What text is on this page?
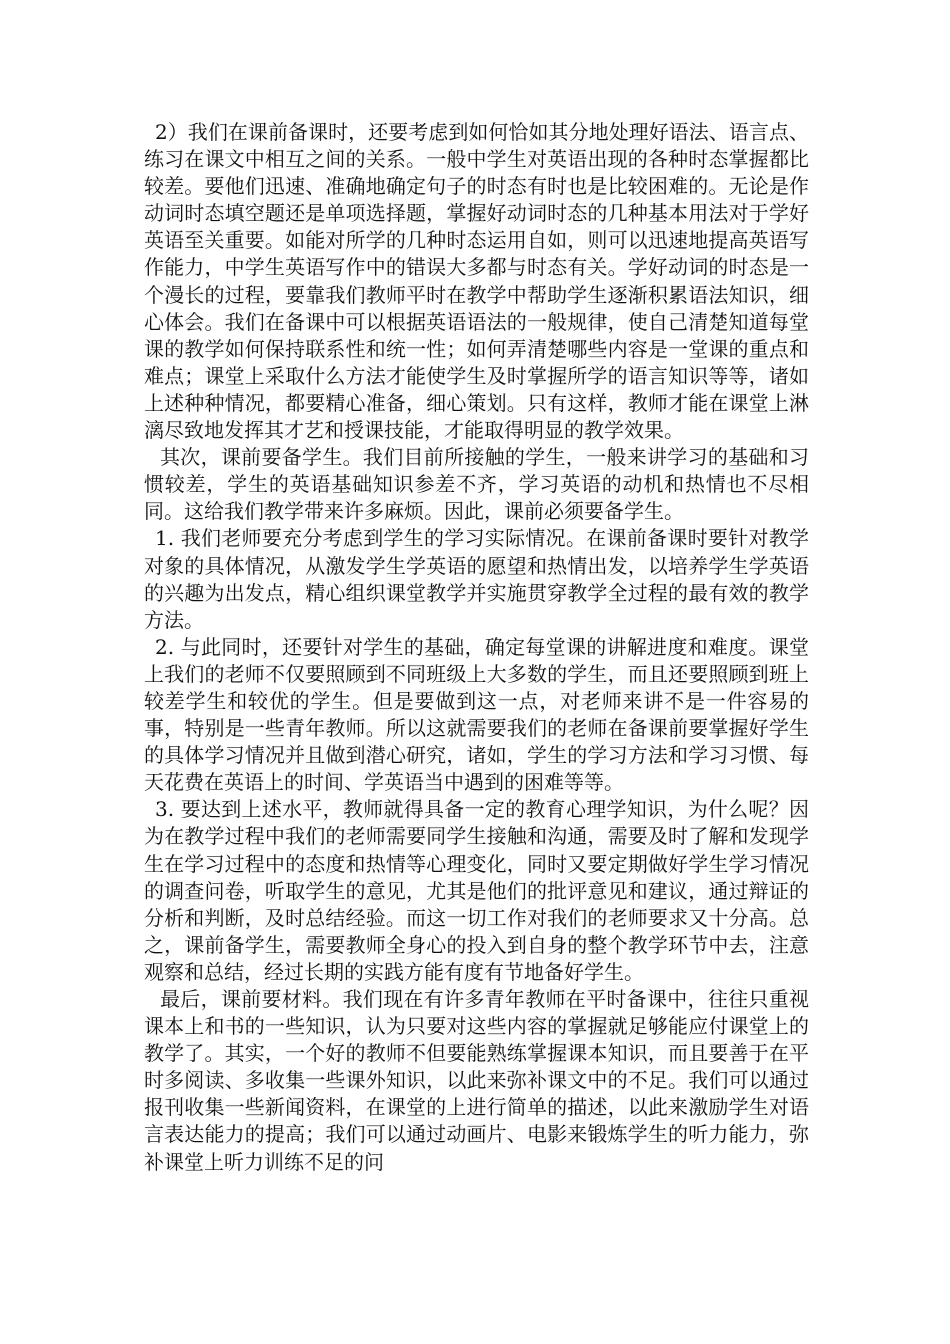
2）我们在课前备课时，还要考虑到如何恰如其分地处理好语法、语言点、练习在课文中相互之间的关系。一般中学生对英语出现的各种时态掌握都比较差。要他们迅速、准确地确定句子的时态有时也是比较困难的。无论是作动词时态填空题还是单项选择题，掌握好动词时态的几种基本用法对于学好英语至关重要。如能对所学的几种时态运用自如，则可以迅速地提高英语写作能力，中学生英语写作中的错误大多都与时态有关。学好动词的时态是一个漫长的过程，要靠我们教师平时在教学中帮助学生逐渐积累语法知识，细心体会。我们在备课中可以根据英语语法的一般规律，使自己清楚知道每堂课的教学如何保持联系性和统一性；如何弄清楚哪些内容是一堂课的重点和难点；课堂上采取什么方法才能使学生及时掌握所学的语言知识等等，诸如上述种种情况，都要精心准备，细心策划。只有这样，教师才能在课堂上淋漓尽致地发挥其才艺和授课技能，才能取得明显的教学效果。

其次，课前要备学生。我们目前所接触的学生，一般来讲学习的基础和习惯较差，学生的英语基础知识参差不齐，学习英语的动机和热情也不尽相同。这给我们教学带来许多麻烦。因此，课前必须要备学生。

1. 我们老师要充分考虑到学生的学习实际情况。在课前备课时要针对教学对象的具体情况，从激发学生学英语的愿望和热情出发，以培养学生学英语的兴趣为出发点，精心组织课堂教学并实施贯穿教学全过程的最有效的教学方法。

2. 与此同时，还要针对学生的基础，确定每堂课的讲解进度和难度。课堂上我们的老师不仅要照顾到不同班级上大多数的学生，而且还要照顾到班上较差学生和较优的学生。但是要做到这一点，对老师来讲不是一件容易的事，特别是一些青年教师。所以这就需要我们的老师在备课前要掌握好学生的具体学习情况并且做到潜心研究，诸如，学生的学习方法和学习习惯、每天花费在英语上的时间、学英语当中遇到的困难等等。

3. 要达到上述水平，教师就得具备一定的教育心理学知识，为什么呢？因为在教学过程中我们的老师需要同学生接触和沟通，需要及时了解和发现学生在学习过程中的态度和热情等心理变化，同时又要定期做好学生学习情况的调查问卷，听取学生的意见，尤其是他们的批评意见和建议，通过辩证的分析和判断，及时总结经验。而这一切工作对我们的老师要求又十分高。总之，课前备学生，需要教师全身心的投入到自身的整个教学环节中去，注意观察和总结，经过长期的实践方能有度有节地备好学生。

最后，课前要材料。我们现在有许多青年教师在平时备课中，往往只重视课本上和书的一些知识，认为只要对这些内容的掌握就足够能应付课堂上的教学了。其实，一个好的教师不但要能熟练掌握课本知识，而且要善于在平时多阅读、多收集一些课外知识，以此来弥补课文中的不足。我们可以通过报刊收集一些新闻资料，在课堂的上进行简单的描述，以此来激励学生对语言表达能力的提高；我们可以通过动画片、电影来锻炼学生的听力能力，弥补课堂上听力训练不足的问
